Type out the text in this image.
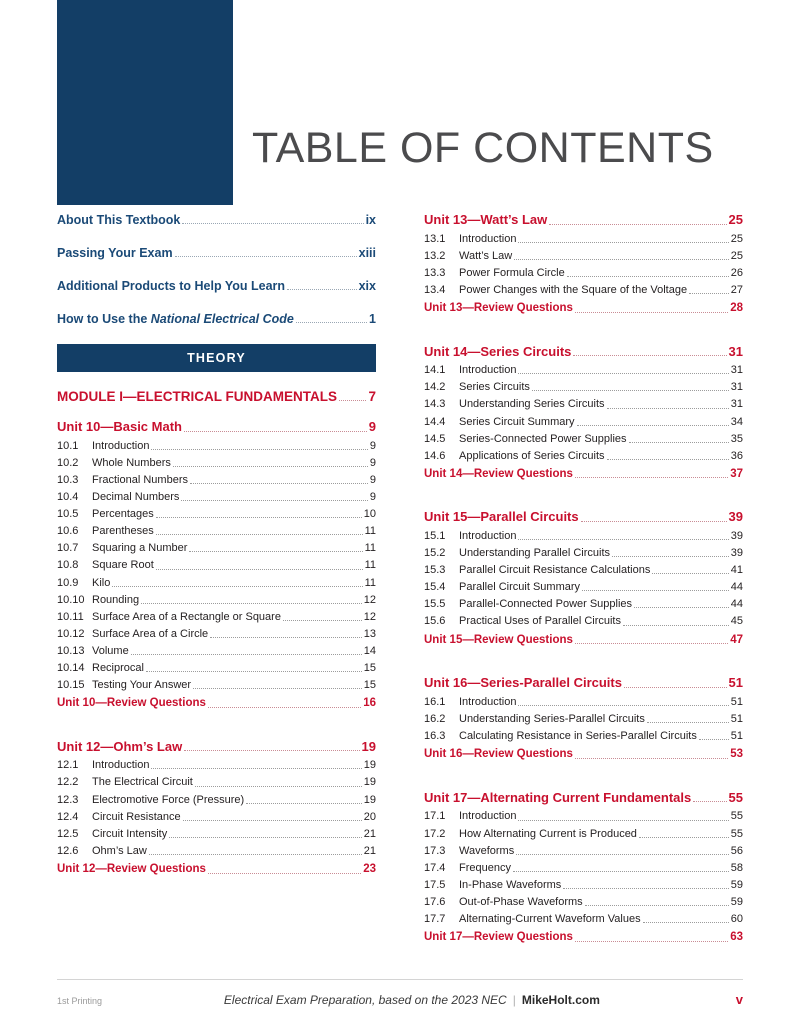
TABLE OF CONTENTS
About This Textbook	ix
Passing Your Exam	xiii
Additional Products to Help You Learn	xix
How to Use the National Electrical Code	1
THEORY
MODULE I—ELECTRICAL FUNDAMENTALS 7
Unit 10—Basic Math	9
10.1	Introduction	9
10.2	Whole Numbers	9
10.3	Fractional Numbers	9
10.4	Decimal Numbers	9
10.5	Percentages	10
10.6	Parentheses	11
10.7	Squaring a Number	11
10.8	Square Root	11
10.9	Kilo	11
10.10 Rounding	12
10.11 Surface Area of a Rectangle or Square	12
10.12 Surface Area of a Circle	13
10.13 Volume	14
10.14 Reciprocal	15
10.15 Testing Your Answer	15
Unit 10—Review Questions	16
Unit 12—Ohm’s Law	19
12.1	Introduction	19
12.2	The Electrical Circuit	19
12.3	Electromotive Force (Pressure)	19
12.4	Circuit Resistance	20
12.5	Circuit Intensity	21
12.6	Ohm’s Law	21
Unit 12—Review Questions	23
Unit 13—Watt’s Law	25
13.1	Introduction	25
13.2	Watt’s Law	25
13.3	Power Formula Circle	26
13.4	Power Changes with the Square of the Voltage	27
Unit 13—Review Questions	28
Unit 14—Series Circuits	31
14.1	Introduction	31
14.2	Series Circuits	31
14.3	Understanding Series Circuits	31
14.4	Series Circuit Summary	34
14.5	Series-Connected Power Supplies	35
14.6	Applications of Series Circuits	36
Unit 14—Review Questions	37
Unit 15—Parallel Circuits	39
15.1	Introduction	39
15.2	Understanding Parallel Circuits	39
15.3	Parallel Circuit Resistance Calculations	41
15.4	Parallel Circuit Summary	44
15.5	Parallel-Connected Power Supplies	44
15.6	Practical Uses of Parallel Circuits	45
Unit 15—Review Questions	47
Unit 16—Series-Parallel Circuits	51
16.1	Introduction	51
16.2	Understanding Series-Parallel Circuits	51
16.3	Calculating Resistance in Series-Parallel Circuits	51
Unit 16—Review Questions	53
Unit 17—Alternating Current Fundamentals	55
17.1	Introduction	55
17.2	How Alternating Current is Produced	55
17.3	Waveforms	56
17.4	Frequency	58
17.5	In-Phase Waveforms	59
17.6	Out-of-Phase Waveforms	59
17.7	Alternating-Current Waveform Values	60
Unit 17—Review Questions	63
1st Printing	Electrical Exam Preparation, based on the 2023 NEC | MikeHolt.com	v
